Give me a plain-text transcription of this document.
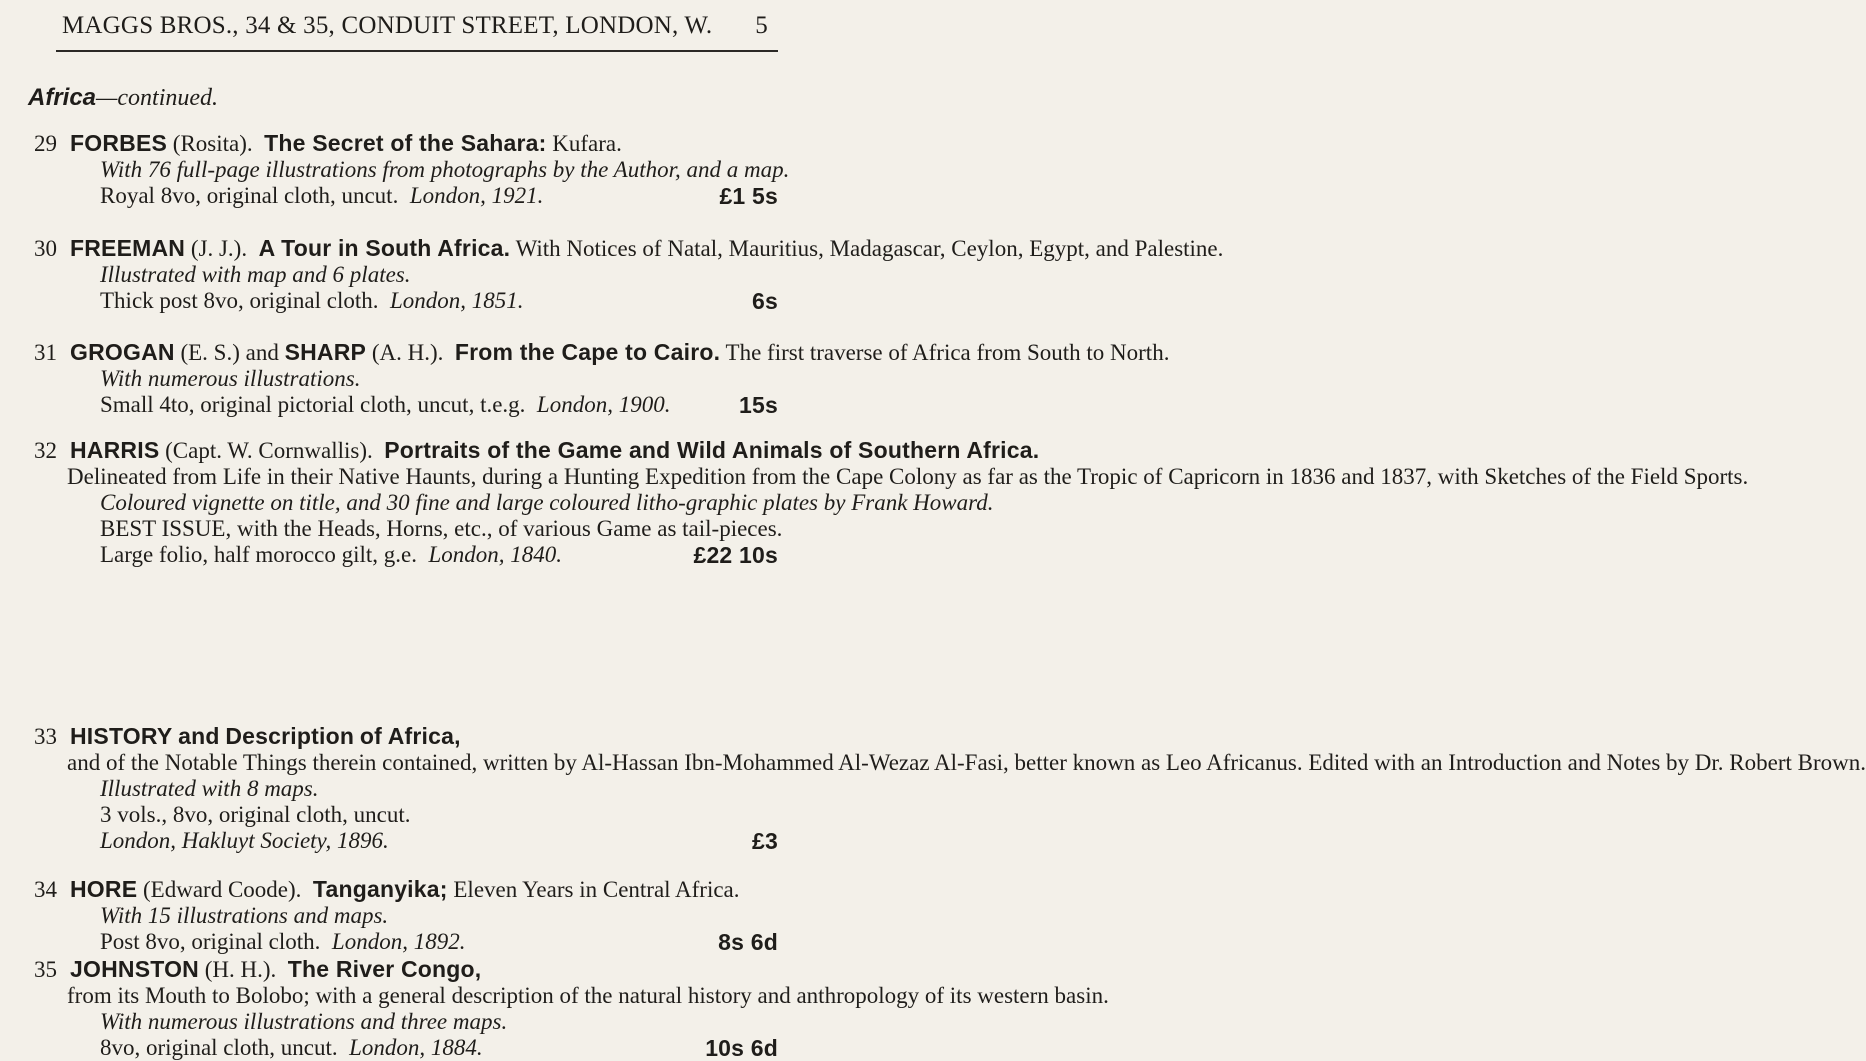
MAGGS BROS., 34 & 35, CONDUIT STREET, LONDON, W. 5
Africa—continued.
29 FORBES (Rosita). The Secret of the Sahara: Kufara.
With 76 full-page illustrations from photographs by the Author, and a map.
Royal 8vo, original cloth, uncut. London, 1921.	£1 5s
30 FREEMAN (J. J.). A Tour in South Africa. With Notices of Natal, Mauritius, Madagascar, Ceylon, Egypt, and Palestine.
Illustrated with map and 6 plates.
Thick post 8vo, original cloth. London, 1851.	6s
31 GROGAN (E. S.) and SHARP (A. H.). From the Cape to Cairo. The first traverse of Africa from South to North.
With numerous illustrations.
Small 4to, original pictorial cloth, uncut, t.e.g. London, 1900.	15s
32 HARRIS (Capt. W. Cornwallis). Portraits of the Game and Wild Animals of Southern Africa.
Delineated from Life in their Native Haunts, during a Hunting Expedition from the Cape Colony as far as the Tropic of Capricorn in 1836 and 1837, with Sketches of the Field Sports.
Coloured vignette on title, and 30 fine and large coloured litho-graphic plates by Frank Howard.
BEST ISSUE, with the Heads, Horns, etc., of various Game as tail-pieces.
Large folio, half morocco gilt, g.e. London, 1840.	£22 10s
33 HISTORY and Description of Africa,
and of the Notable Things therein contained, written by Al-Hassan Ibn-Mohammed Al-Wezaz Al-Fasi, better known as Leo Africanus. Edited with an Introduction and Notes by Dr. Robert Brown.
Illustrated with 8 maps.
3 vols., 8vo, original cloth, uncut.
London, Hakluyt Society, 1896.	£3
34 HORE (Edward Coode). Tanganyika; Eleven Years in Central Africa.
With 15 illustrations and maps.
Post 8vo, original cloth. London, 1892.	8s 6d
35 JOHNSTON (H. H.). The River Congo,
from its Mouth to Bolobo; with a general description of the natural history and anthropology of its western basin.
With numerous illustrations and three maps.
8vo, original cloth, uncut. London, 1884.	10s 6d
